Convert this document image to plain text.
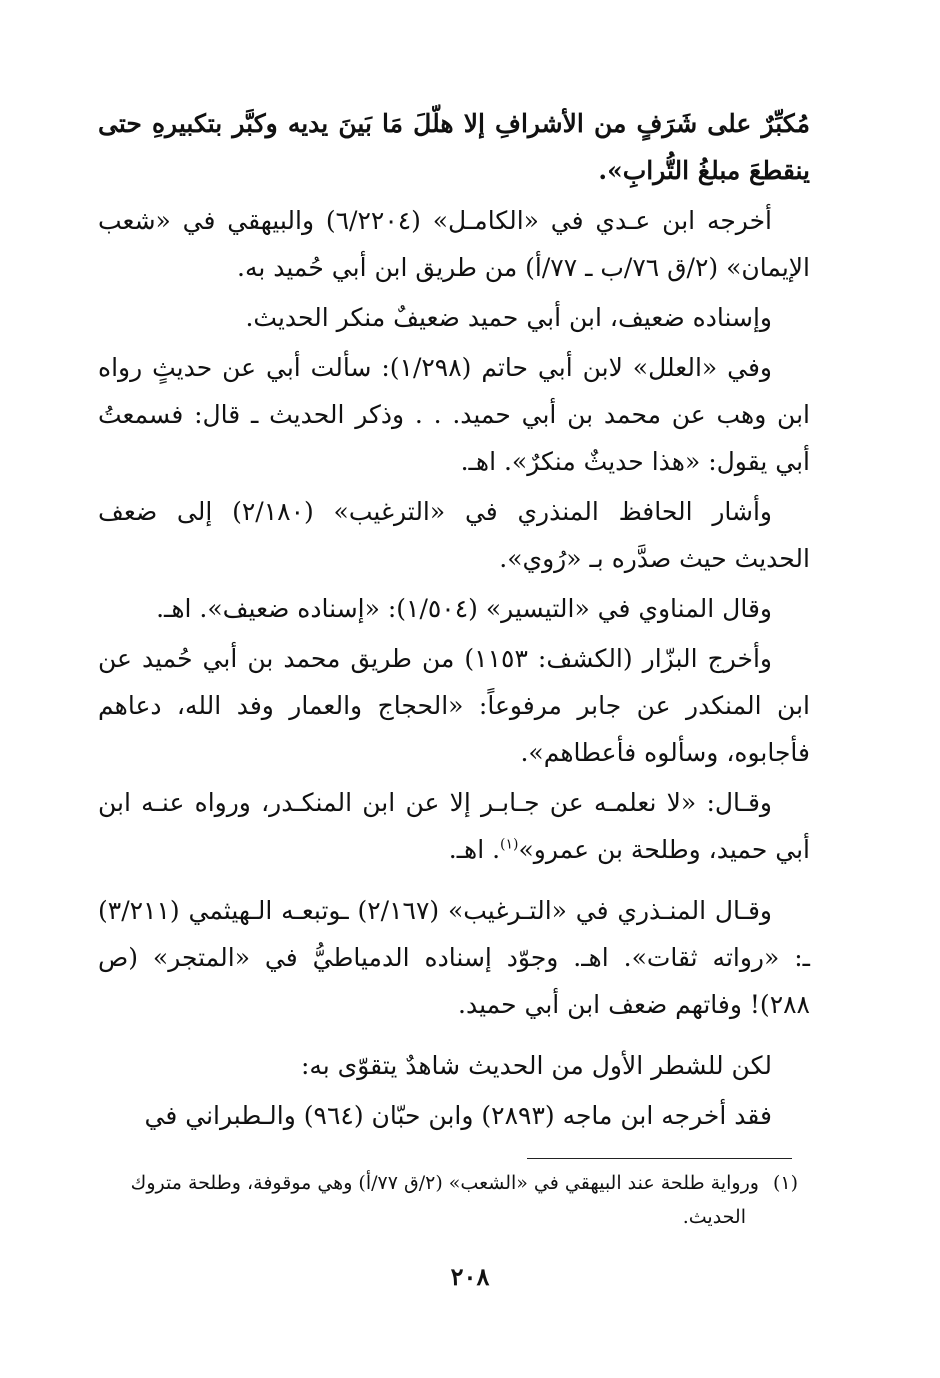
مُكبِّرٌ على شَرَفٍ من الأشرافِ إلا هلّلَ مَا بَينَ يديه وكبَّر بتكبيرهِ حتى ينقطعَ مبلغُ التُّرابِ».

أخرجه ابن عـدي في «الكامـل» (٦/٢٢٠٤) والبيهقي في «شعب الإيمان» (٢/ق ٧٦/ب ـ ٧٧/أ) من طريق ابن أبي حُميد به.

وإسناده ضعيف، ابن أبي حميد ضعيفٌ منكر الحديث.

وفي «العلل» لابن أبي حاتم (١/٢٩٨): سألت أبي عن حديثٍ رواه ابن وهب عن محمد بن أبي حميد. . . وذكر الحديث ـ قال: فسمعتُ أبي يقول: «هذا حديثٌ منكرٌ». اهـ.

وأشار الحافظ المنذري في «الترغيب» (٢/١٨٠) إلى ضعف الحديث حيث صدَّره بـ «رُوي».

وقال المناوي في «التيسير» (١/٥٠٤): «إسناده ضعيف». اهـ.

وأخرج البزّار (الكشف: ١١٥٣) من طريق محمد بن أبي حُميد عن ابن المنكدر عن جابر مرفوعاً: «الحجاج والعمار وفد الله، دعاهم فأجابوه، وسألوه فأعطاهم».

وقـال: «لا نعلمـه عن جـابـر إلا عن ابن المنكـدر، ورواه عنـه ابن أبي حميد، وطلحة بن عمرو»$^{(١)}$. اهـ.

وقـال المنـذري في «التـرغيب» (٢/١٦٧) ـوتبعـه الـهيثمي (٣/٢١١) ـ: «رواته ثقات». اهـ. وجوّد إسناده الدمياطيُّ في «المتجر» (ص ٢٨٨)! وفاتهم ضعف ابن أبي حميد.

لكن للشطر الأول من الحديث شاهدٌ يتقوّى به:

فقد أخرجه ابن ماجه (٢٨٩٣) وابن حبّان (٩٦٤) والـطبراني في

(١)ورواية طلحة عند البيهقي في «الشعب» (٢/ق ٧٧/أ) وهي موقوفة، وطلحة متروك
الحديث.
٢٠٨
